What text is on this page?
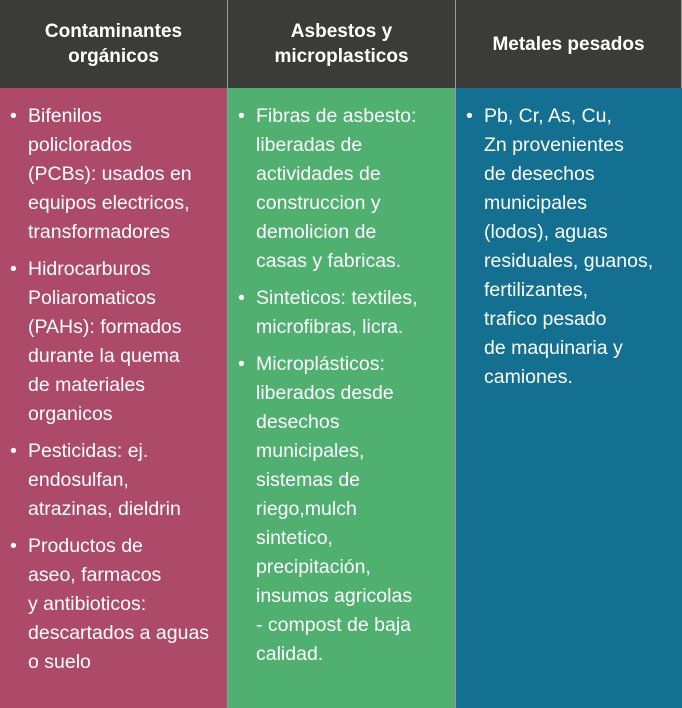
Contaminantes
orgánicos
Asbestos y
microplasticos
Metales pesados
• Bifenilos
policlorados
(PCBs): usados en
equipos electricos,
transformadores
• Hidrocarburos
Poliaromaticos
(PAHs): formados
durante la quema
de materiales
organicos
• Pesticidas: ej.
endosulfan,
atrazinas, dieldrin
• Productos de
aseo, farmacos
y antibioticos:
descartados a aguas
o suelo
• Fibras de asbesto:
liberadas de
actividades de
construccion y
demolicion de
casas y fabricas.
• Sinteticos: textiles,
microfibras, licra.
• Microplásticos:
liberados desde
desechos
municipales,
sistemas de
riego,mulch
sintetico,
precipitación,
insumos agricolas
- compost de baja
calidad.
• Pb, Cr, As, Cu,
Zn provenientes
de desechos
municipales
(lodos), aguas
residuales, guanos,
fertilizantes,
trafico pesado
de maquinaria y
camiones.
